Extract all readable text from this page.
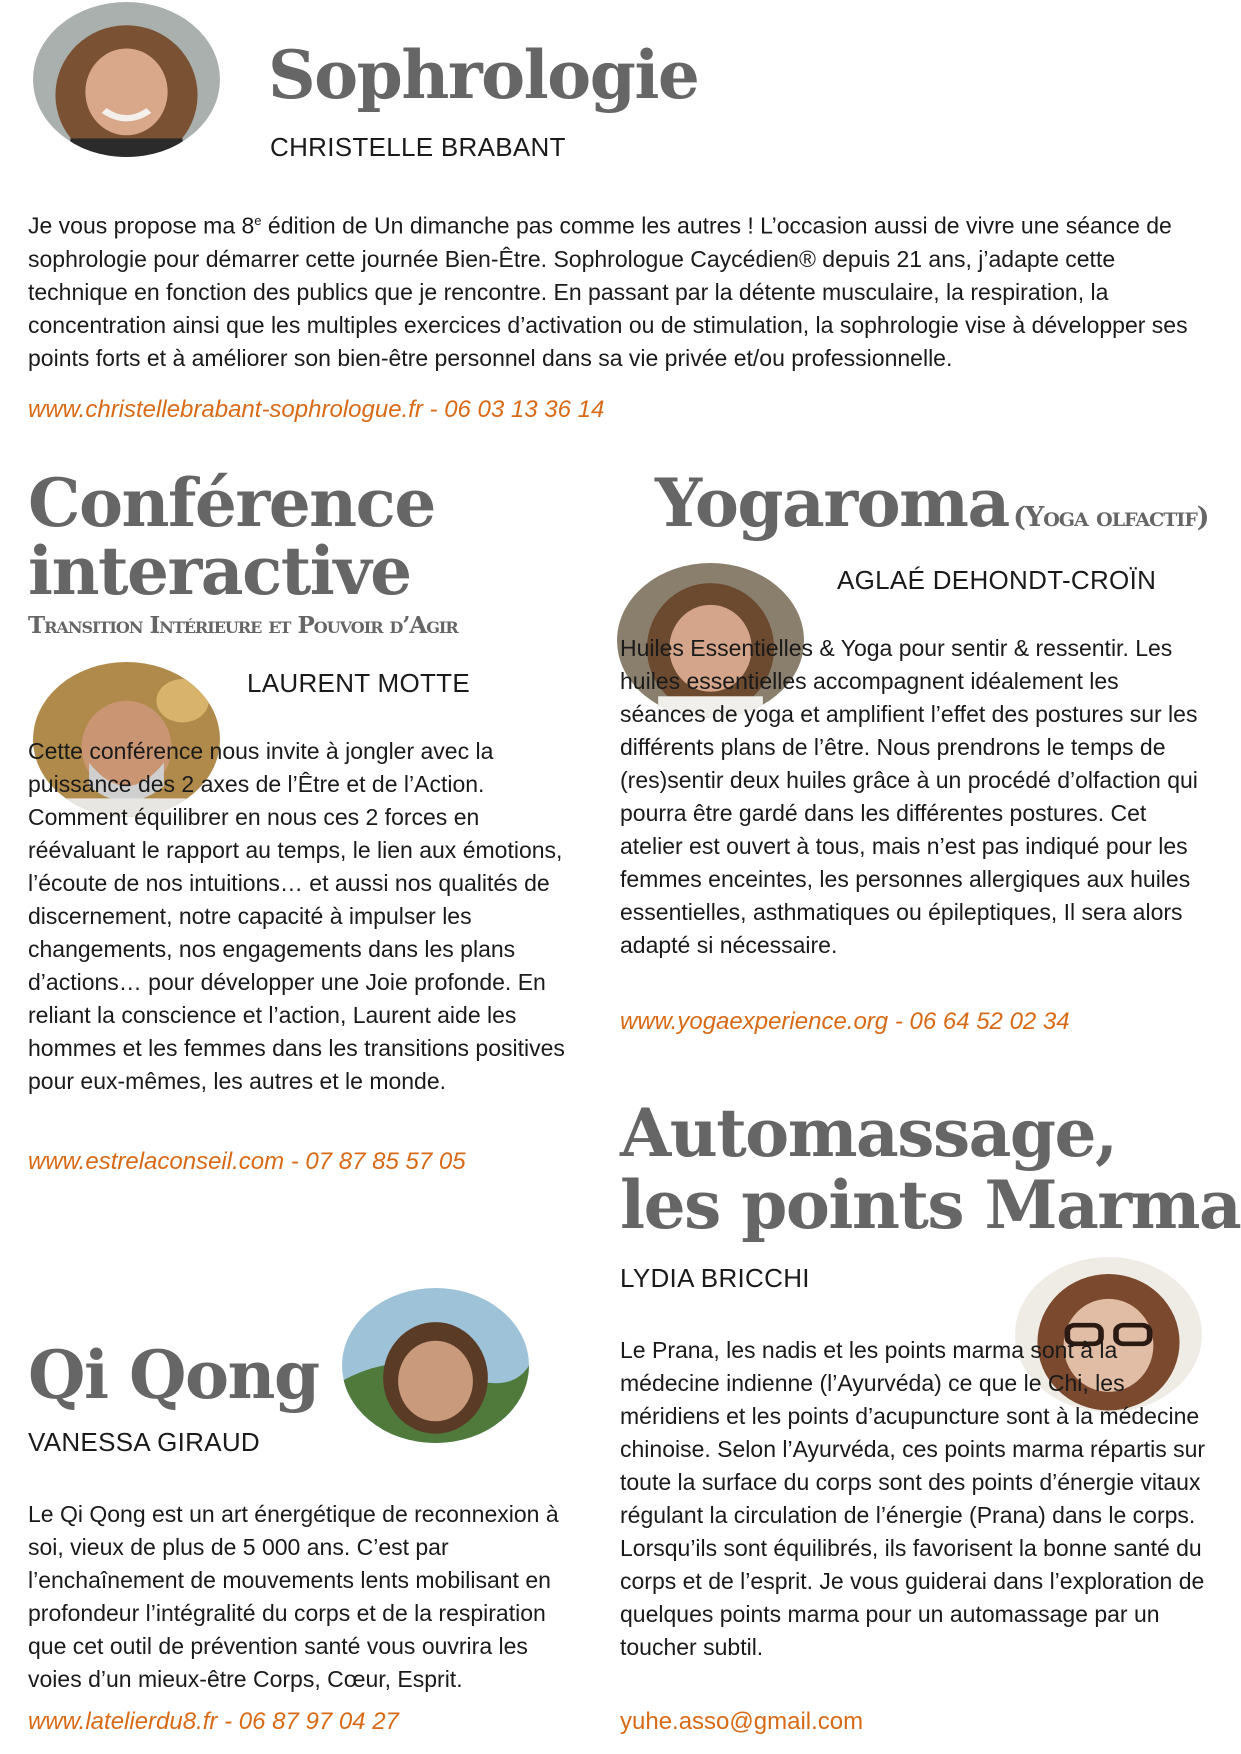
Sophrologie
CHRISTELLE BRABANT

Je vous propose ma 8e édition de Un dimanche pas comme les autres ! L’occasion aussi de vivre une séance de sophrologie pour démarrer cette journée Bien-Être. Sophrologue Caycédien® depuis 21 ans, j’adapte cette technique en fonction des publics que je rencontre. En passant par la détente musculaire, la respiration, la concentration ainsi que les multiples exercices d’activation ou de stimulation, la sophrologie vise à développer ses points forts et à améliorer son bien-être personnel dans sa vie privée et/ou professionnelle.

www.christellebrabant-sophrologue.fr - 06 03 13 36 14
Conférence
interactive
Transition Intérieure et Pouvoir d’Agir
LAURENT MOTTE

Cette conférence nous invite à jongler avec la puissance des 2 axes de l’Être et de l’Action. Comment équilibrer en nous ces 2 forces en réévaluant le rapport au temps, le lien aux émotions, l’écoute de nos intuitions… et aussi nos qualités de discernement, notre capacité à impulser les changements, nos engagements dans les plans d’actions… pour développer une Joie profonde. En reliant la conscience et l’action, Laurent aide les hommes et les femmes dans les transitions positives pour eux-mêmes, les autres et le monde.

www.estrelaconseil.com - 07 87 85 57 05
Yogaroma (Yoga olfactif)
AGLAÉ DEHONDT-CROÏN

Huiles Essentielles & Yoga pour sentir & ressentir. Les huiles essentielles accompagnent idéalement les séances de yoga et amplifient l’effet des postures sur les différents plans de l’être. Nous prendrons le temps de (res)sentir deux huiles grâce à un procédé d’olfaction qui pourra être gardé dans les différentes postures. Cet atelier est ouvert à tous, mais n’est pas indiqué pour les femmes enceintes, les personnes allergiques aux huiles essentielles, asthmatiques ou épileptiques, Il sera alors adapté si nécessaire.

www.yogaexperience.org - 06 64 52 02 34
Automassage,
les points Marma
LYDIA BRICCHI

Le Prana, les nadis et les points marma sont à la médecine indienne (l’Ayurvéda) ce que le Chi, les méridiens et les points d’acupuncture sont à la médecine chinoise. Selon l’Ayurvéda, ces points marma répartis sur toute la surface du corps sont des points d’énergie vitaux régulant la circulation de l’énergie (Prana) dans le corps. Lorsqu’ils sont équilibrés, ils favorisent la bonne santé du corps et de l’esprit. Je vous guiderai dans l’exploration de quelques points marma pour un automassage par un toucher subtil.

yuhe.asso@gmail.com
Qi Qong
VANESSA GIRAUD

Le Qi Qong est un art énergétique de reconnexion à soi, vieux de plus de 5 000 ans. C’est par l’enchaînement de mouvements lents mobilisant en profondeur l’intégralité du corps et de la respiration que cet outil de prévention santé vous ouvrira les voies d’un mieux-être Corps, Cœur, Esprit.

www.latelierdu8.fr - 06 87 97 04 27
